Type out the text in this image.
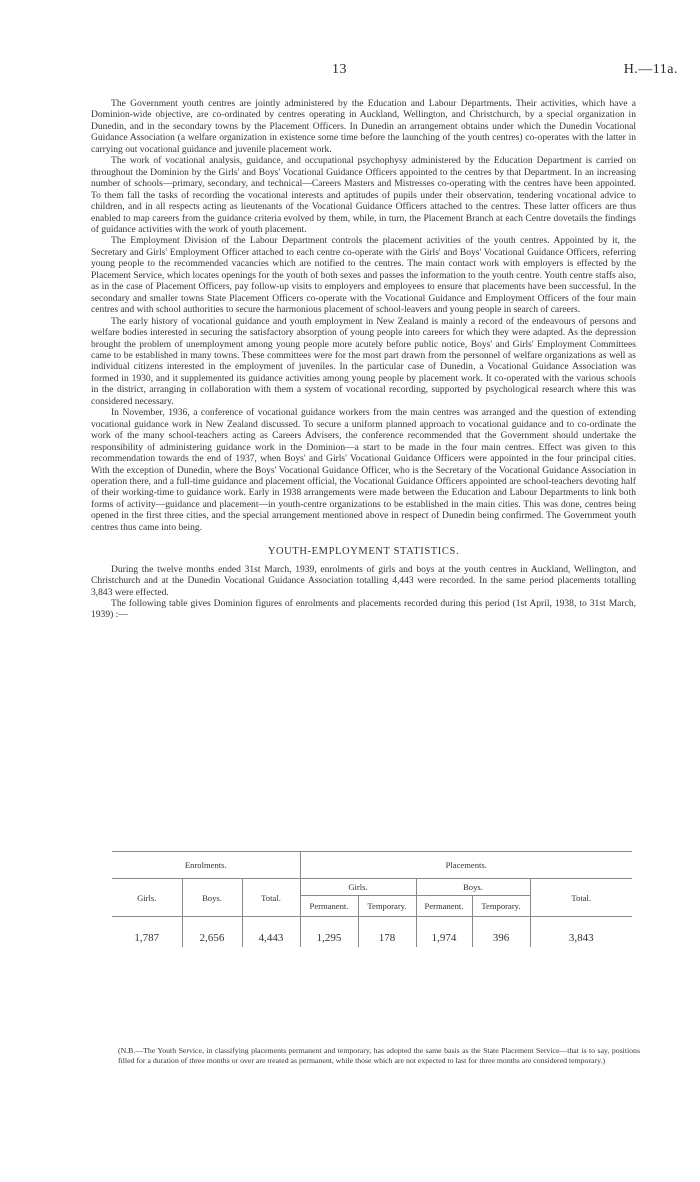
13	H.—11a.

The Government youth centres are jointly administered by the Education and Labour Departments. Their activities, which have a Dominion-wide objective, are co-ordinated by centres operating in Auckland, Wellington, and Christchurch, by a special organization in Dunedin, and in the secondary towns by the Placement Officers. In Dunedin an arrangement obtains under which the Dunedin Vocational Guidance Association (a welfare organization in existence some time before the launching of the youth centres) co-operates with the latter in carrying out vocational guidance and juvenile placement work.

The work of vocational analysis, guidance, and occupational psychophysy administered by the Education Department is carried on throughout the Dominion by the Girls' and Boys' Vocational Guidance Officers appointed to the centres by that Department. In an increasing number of schools—primary, secondary, and technical—Careers Masters and Mistresses co-operating with the centres have been appointed. To them fall the tasks of recording the vocational interests and aptitudes of pupils under their observation, tendering vocational advice to children, and in all respects acting as lieutenants of the Vocational Guidance Officers attached to the centres. These latter officers are thus enabled to map careers from the guidance criteria evolved by them, while, in turn, the Placement Branch at each Centre dovetails the findings of guidance activities with the work of youth placement.

The Employment Division of the Labour Department controls the placement activities of the youth centres. Appointed by it, the Secretary and Girls' Employment Officer attached to each centre co-operate with the Girls' and Boys' Vocational Guidance Officers, referring young people to the recommended vacancies which are notified to the centres. The main contact work with employers is effected by the Placement Service, which locates openings for the youth of both sexes and passes the information to the youth centre. Youth centre staffs also, as in the case of Placement Officers, pay follow-up visits to employers and employees to ensure that placements have been successful. In the secondary and smaller towns State Placement Officers co-operate with the Vocational Guidance and Employment Officers of the four main centres and with school authorities to secure the harmonious placement of school-leavers and young people in search of careers.

The early history of vocational guidance and youth employment in New Zealand is mainly a record of the endeavours of persons and welfare bodies interested in securing the satisfactory absorption of young people into careers for which they were adapted. As the depression brought the problem of unemployment among young people more acutely before public notice, Boys' and Girls' Employment Committees came to be established in many towns. These committees were for the most part drawn from the personnel of welfare organizations as well as individual citizens interested in the employment of juveniles. In the particular case of Dunedin, a Vocational Guidance Association was formed in 1930, and it supplemented its guidance activities among young people by placement work. It co-operated with the various schools in the district, arranging in collaboration with them a system of vocational recording, supported by psychological research where this was considered necessary.

In November, 1936, a conference of vocational guidance workers from the main centres was arranged and the question of extending vocational guidance work in New Zealand discussed. To secure a uniform planned approach to vocational guidance and to co-ordinate the work of the many school-teachers acting as Careers Advisers, the conference recommended that the Government should undertake the responsibility of administering guidance work in the Dominion—a start to be made in the four main centres. Effect was given to this recommendation towards the end of 1937, when Boys' and Girls' Vocational Guidance Officers were appointed in the four principal cities. With the exception of Dunedin, where the Boys' Vocational Guidance Officer, who is the Secretary of the Vocational Guidance Association in operation there, and a full-time guidance and placement official, the Vocational Guidance Officers appointed are school-teachers devoting half of their working-time to guidance work. Early in 1938 arrangements were made between the Education and Labour Departments to link both forms of activity—guidance and placement—in youth-centre organizations to be established in the main cities. This was done, centres being opened in the first three cities, and the special arrangement mentioned above in respect of Dunedin being confirmed. The Government youth centres thus came into being.

YOUTH-EMPLOYMENT STATISTICS.

During the twelve months ended 31st March, 1939, enrolments of girls and boys at the youth centres in Auckland, Wellington, and Christchurch and at the Dunedin Vocational Guidance Association totalling 4,443 were recorded. In the same period placements totalling 3,843 were effected.

The following table gives Dominion figures of enrolments and placements recorded during this period (1st April, 1938, to 31st March, 1939) :—

Enrolments.			Placements.				
Girls.	Boys.	Total.	Girls.		Boys.		Total.
			Permanent.	Temporary.	Permanent.	Temporary.	

1,787	2,656	4,443	1,295	178	1,974	396	3,843
(N.B.—The Youth Service, in classifying placements permanent and temporary, has adopted the same basis as the State Placement Service—that is to say, positions filled for a duration of three months or over are treated as permanent, while those which are not expected to last for three months are considered temporary.)
